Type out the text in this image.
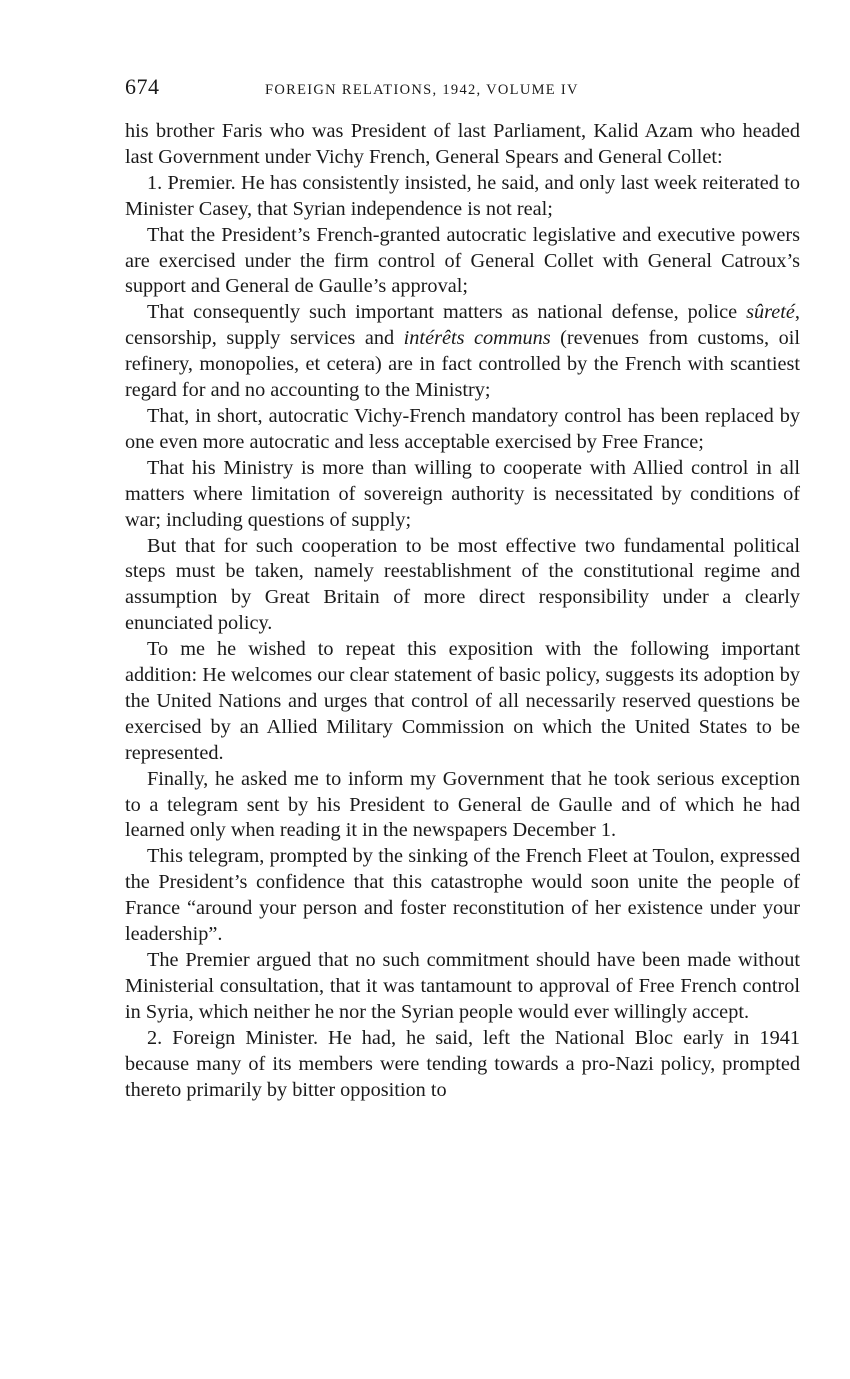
674	FOREIGN RELATIONS, 1942, VOLUME IV

his brother Faris who was President of last Parliament, Kalid Azam who headed last Government under Vichy French, General Spears and General Collet:

1. Premier. He has consistently insisted, he said, and only last week reiterated to Minister Casey, that Syrian independence is not real;

That the President’s French-granted autocratic legislative and executive powers are exercised under the firm control of General Collet with General Catroux’s support and General de Gaulle’s approval;

That consequently such important matters as national defense, police sûreté, censorship, supply services and intérêts communs (revenues from customs, oil refinery, monopolies, et cetera) are in fact controlled by the French with scantiest regard for and no accounting to the Ministry;

That, in short, autocratic Vichy-French mandatory control has been replaced by one even more autocratic and less acceptable exercised by Free France;

That his Ministry is more than willing to cooperate with Allied control in all matters where limitation of sovereign authority is necessitated by conditions of war; including questions of supply;

But that for such cooperation to be most effective two fundamental political steps must be taken, namely reestablishment of the constitutional regime and assumption by Great Britain of more direct responsibility under a clearly enunciated policy.

To me he wished to repeat this exposition with the following important addition: He welcomes our clear statement of basic policy, suggests its adoption by the United Nations and urges that control of all necessarily reserved questions be exercised by an Allied Military Commission on which the United States to be represented.

Finally, he asked me to inform my Government that he took serious exception to a telegram sent by his President to General de Gaulle and of which he had learned only when reading it in the newspapers December 1.

This telegram, prompted by the sinking of the French Fleet at Toulon, expressed the President’s confidence that this catastrophe would soon unite the people of France “around your person and foster reconstitution of her existence under your leadership”.

The Premier argued that no such commitment should have been made without Ministerial consultation, that it was tantamount to approval of Free French control in Syria, which neither he nor the Syrian people would ever willingly accept.

2. Foreign Minister. He had, he said, left the National Bloc early in 1941 because many of its members were tending towards a pro-Nazi policy, prompted thereto primarily by bitter opposition to
